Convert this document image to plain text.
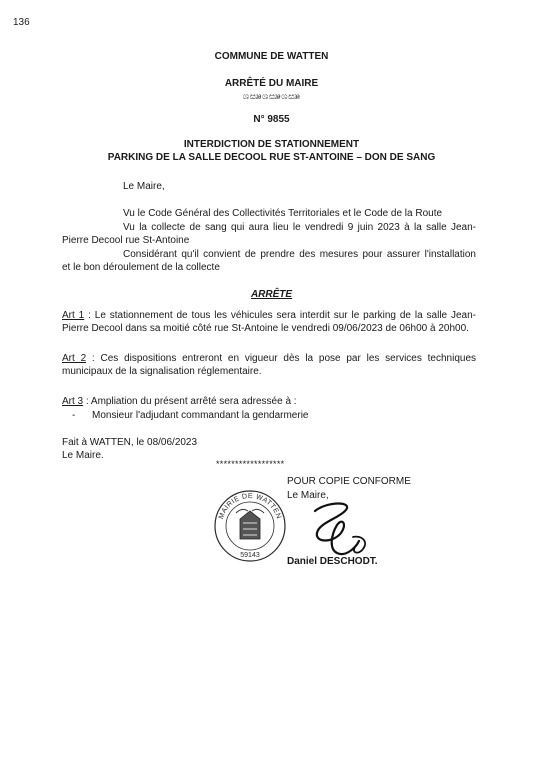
136
COMMUNE DE WATTEN
ARRÊTÉ DU MAIRE
ශඎශඎශඎ
N° 9855
INTERDICTION DE STATIONNEMENT
PARKING DE LA SALLE DECOOL RUE ST-ANTOINE – DON DE SANG
Le Maire,
Vu le Code Général des Collectivités Territoriales et le Code de la Route
Vu la collecte de sang qui aura lieu le vendredi 9 juin 2023 à la salle Jean-
Pierre Decool rue St-Antoine
Considérant qu'il convient de prendre des mesures pour assurer l'installation
et le bon déroulement de la collecte
ARRÊTE
Art 1 : Le stationnement de tous les véhicules sera interdit sur le parking de la salle Jean-
Pierre Decool dans sa moitié côté rue St-Antoine le vendredi 09/06/2023 de 06h00 à 20h00.
Art 2 : Ces dispositions entreront en vigueur dès la pose par les services techniques
municipaux de la signalisation réglementaire.
Art 3 : Ampliation du présent arrêté sera adressée à :
- Monsieur l'adjudant commandant la gendarmerie
Fait à WATTEN, le 08/06/2023
Le Maire.
******************
POUR COPIE CONFORME
Le Maire,
MAIRIE DE WATTEN
59143
Daniel DESCHODT.
